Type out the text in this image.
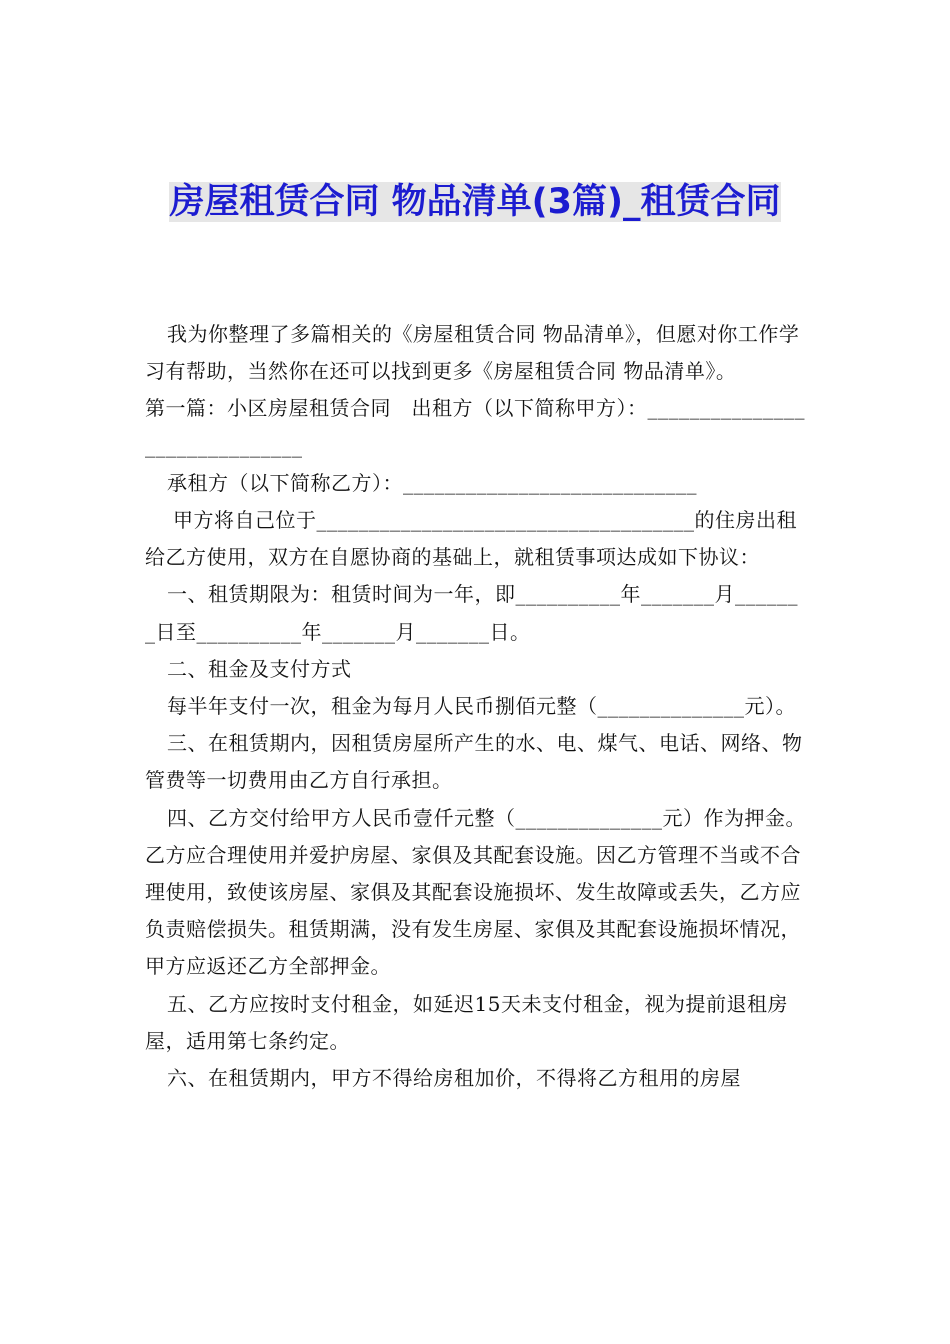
房屋租赁合同 物品清单(3篇)_租赁合同

我为你整理了多篇相关的《房屋租赁合同 物品清单》，但愿对你工作学习有帮助，当然你在还可以找到更多《房屋租赁合同 物品清单》。

第一篇：小区房屋租赁合同　出租方（以下简称甲方）：______________________________

承租方（以下简称乙方）：____________________________

甲方将自己位于____________________________________的住房出租给乙方使用，双方在自愿协商的基础上，就租赁事项达成如下协议：

一、租赁期限为：租赁时间为一年，即__________年_______月_______日至__________年_______月_______日。

二、租金及支付方式

每半年支付一次，租金为每月人民币捌佰元整（______________元）。

三、在租赁期内，因租赁房屋所产生的水、电、煤气、电话、网络、物管费等一切费用由乙方自行承担。

四、乙方交付给甲方人民币壹仟元整（______________元）作为押金。乙方应合理使用并爱护房屋、家俱及其配套设施。因乙方管理不当或不合理使用，致使该房屋、家俱及其配套设施损坏、发生故障或丢失，乙方应负责赔偿损失。租赁期满，没有发生房屋、家俱及其配套设施损坏情况，甲方应返还乙方全部押金。

五、乙方应按时支付租金，如延迟15天未支付租金，视为提前退租房屋，适用第七条约定。

六、在租赁期内，甲方不得给房租加价，不得将乙方租用的房屋
